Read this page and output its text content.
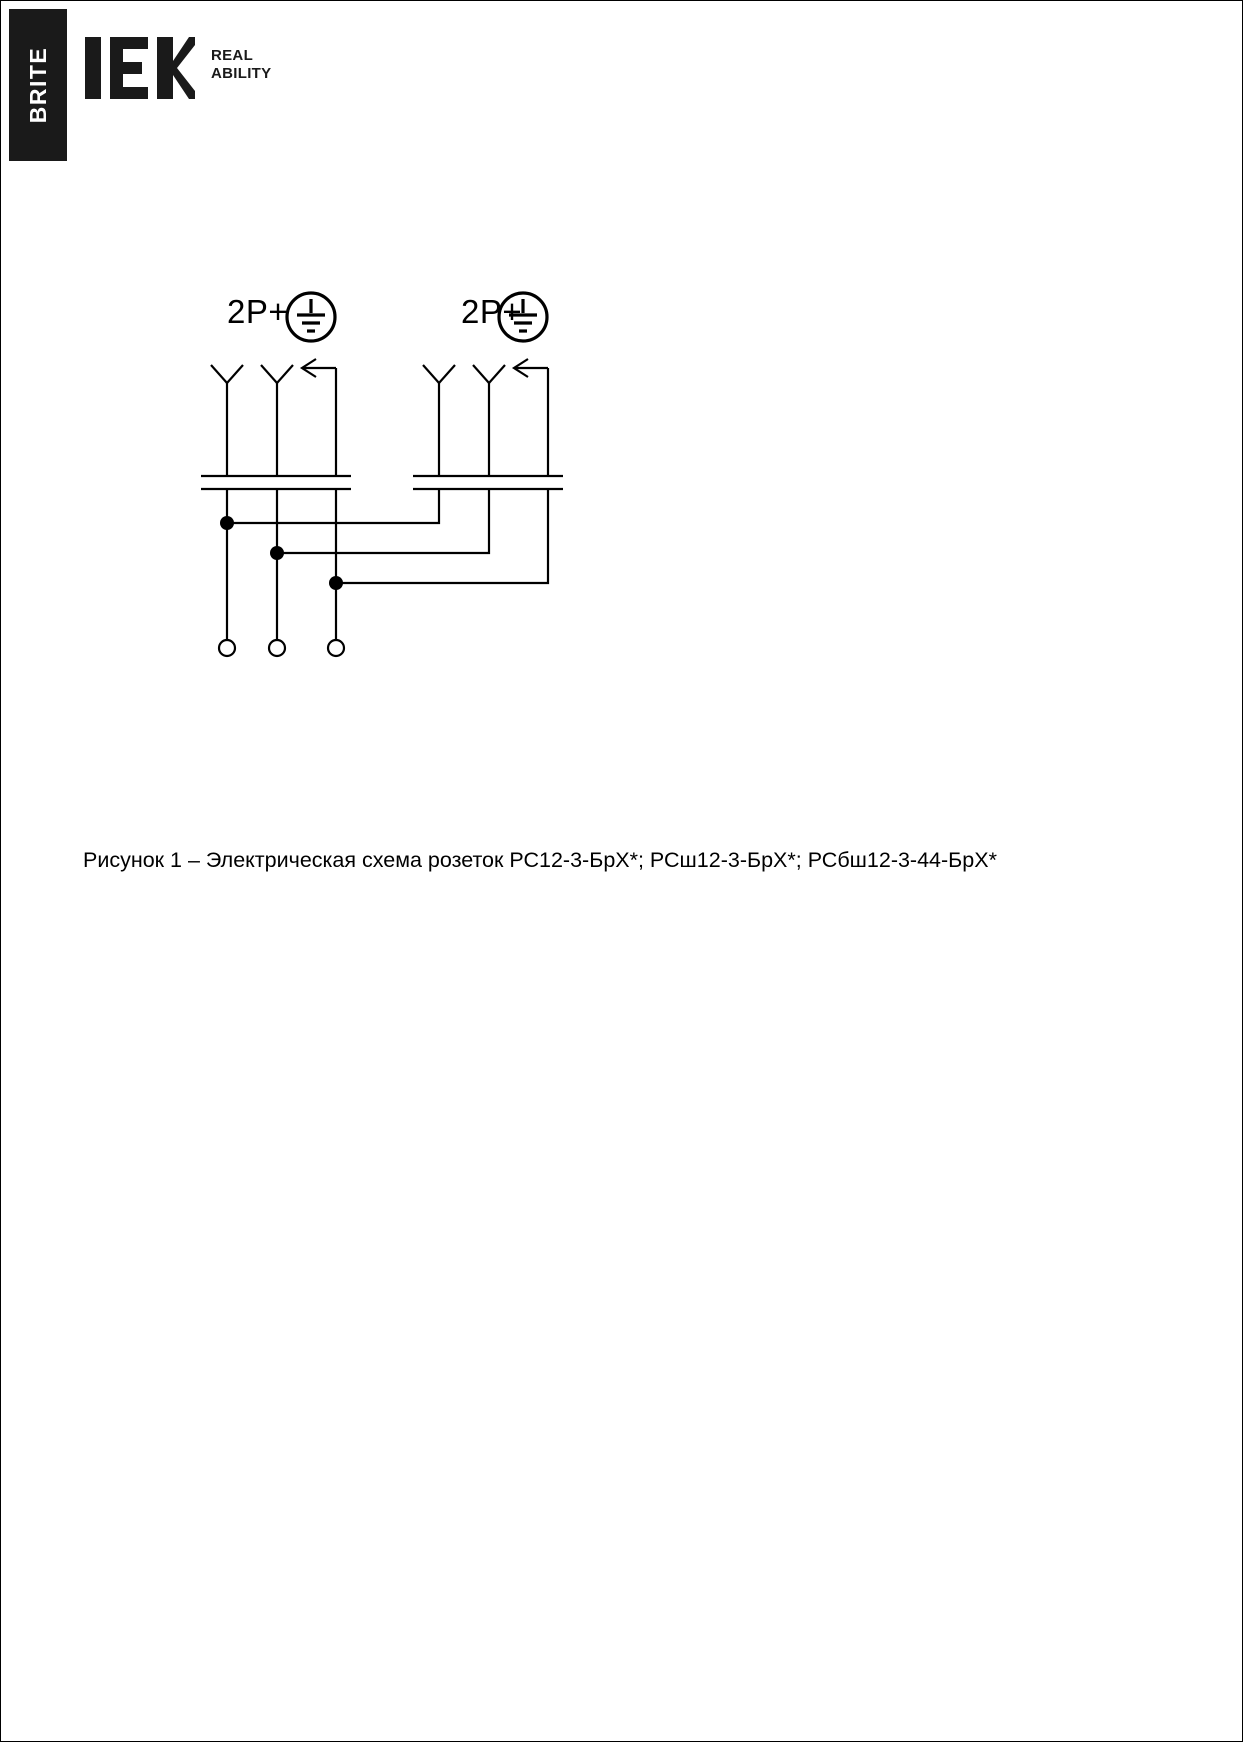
BRITE	REAL
ABILITY
2P+	2P+
Рисунок 1 – Электрическая схема розеток РС12-3-БрХ*; РСш12-3-БрХ*; РСбш12-3-44-БрХ*
